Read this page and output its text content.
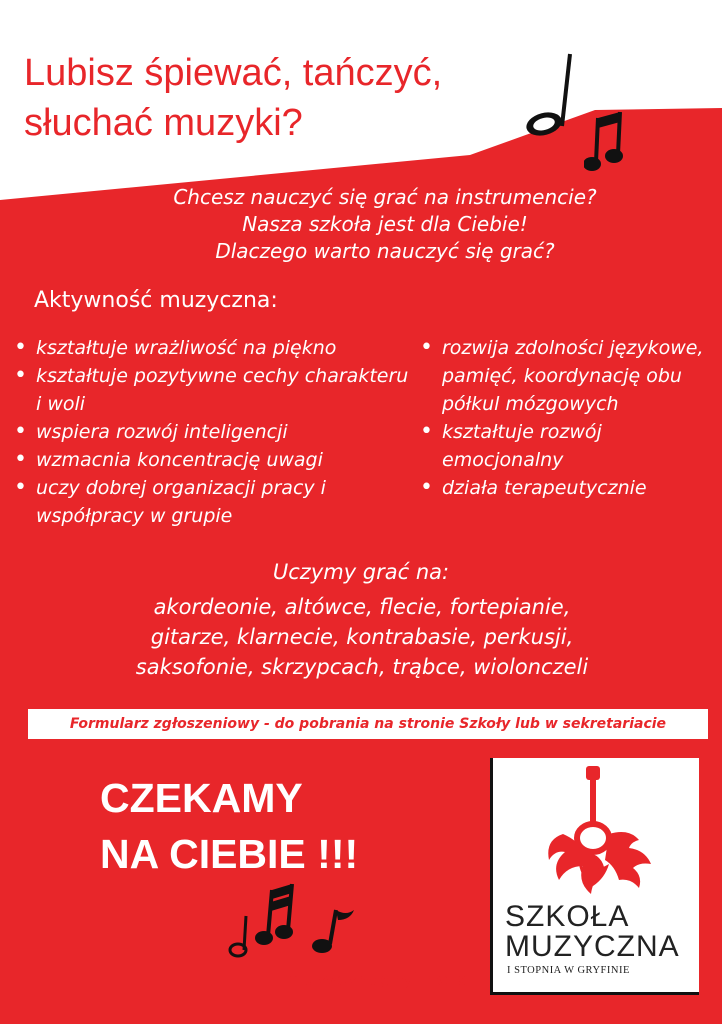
Lubisz śpiewać, tańczyć,
słuchać muzyki?
Chcesz nauczyć się grać na instrumencie?
Nasza szkoła jest dla Ciebie!
Dlaczego warto nauczyć się grać?
Aktywność muzyczna:
• kształtuje wrażliwość na piękno
• kształtuje pozytywne cechy charakteru i woli
• wspiera rozwój inteligencji
• wzmacnia koncentrację uwagi
• uczy dobrej organizacji pracy i współpracy w grupie
• rozwija zdolności językowe, pamięć, koordynację obu półkul mózgowych
• kształtuje rozwój emocjonalny
• działa terapeutycznie
Uczymy grać na:
akordeonie, altówce, flecie, fortepianie,
gitarze, klarnecie, kontrabasie, perkusji,
saksofonie, skrzypcach, trąbce, wiolonczeli
Formularz zgłoszeniowy - do pobrania na stronie Szkoły lub w sekretariacie
CZEKAMY
NA CIEBIE !!!
muzycznagryfino.pl
SZKOŁA
MUZYCZNA
I STOPNIA W GRYFINIE
